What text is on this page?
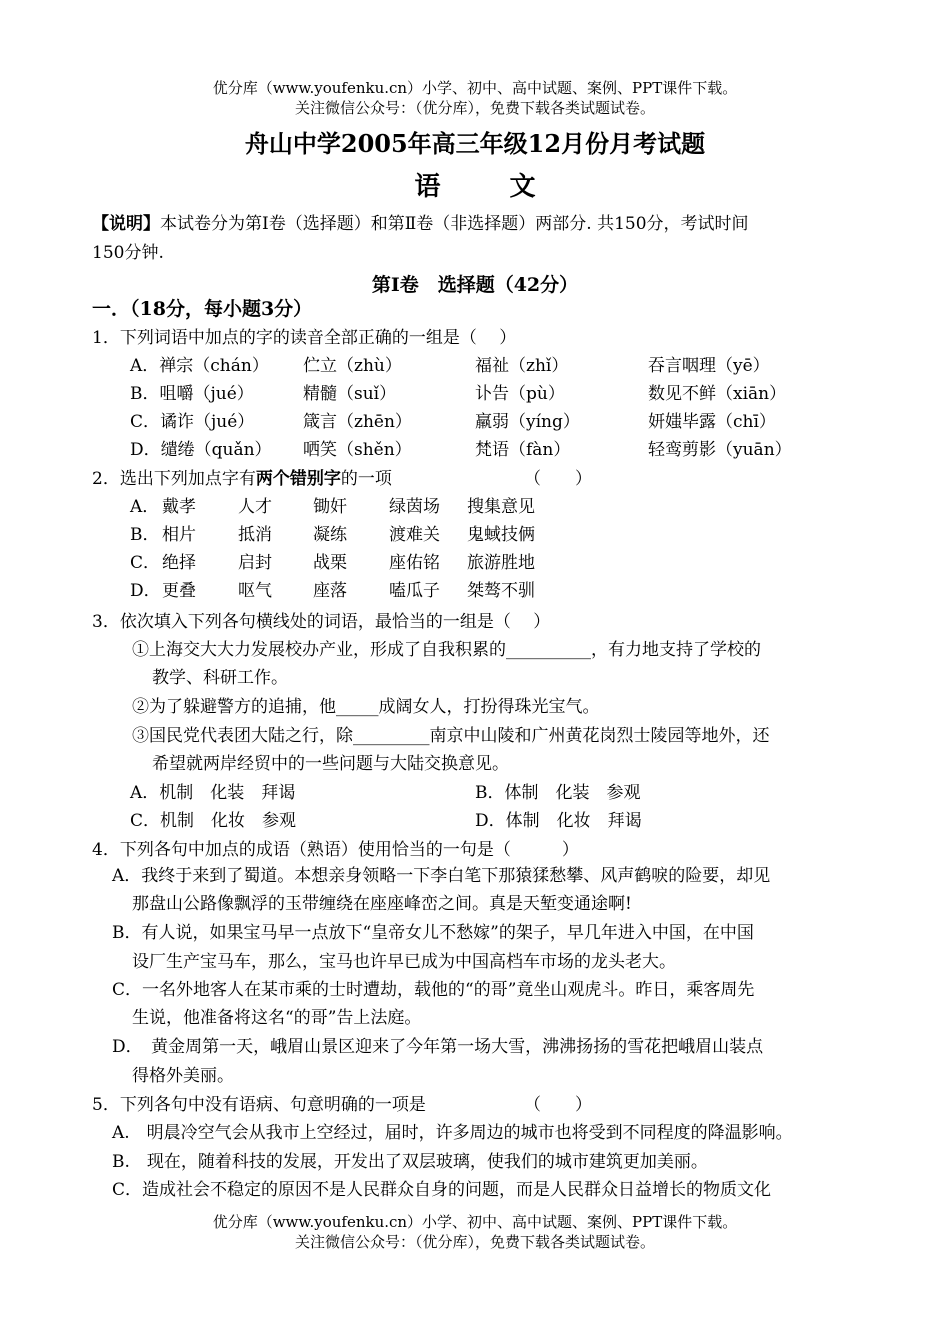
优分库（www.youfenku.cn）小学、初中、高中试题、案例、PPT课件下载。
关注微信公众号：（优分库），免费下载各类试题试卷。
舟山中学2005年高三年级12月份月考试题
语 文
【说明】本试卷分为第Ⅰ卷（选择题）和第Ⅱ卷（非选择题）两部分. 共150分，考试时间
150分钟.
第Ⅰ卷　选择题（42分）
一．（18分，每小题3分）
1．下列词语中加点的字的读音全部正确的一组是（　 ）
A．禅宗（chán） 伫立（zhù）	福祉（zhǐ）	吞言咽理（yē）
B．咀嚼（jué）	精髓（suǐ）	讣告（pù）	数见不鲜（xiān）
C．谲诈（jué）	箴言（zhēn）	羸弱（yíng）	妍媸毕露（chī）
D．缱绻（quǎn） 哂笑（shěn）	梵语（fàn）	轻鸾剪影（yuān）
2．选出下列加点字有两个错别字的一项	（　　）
A． 戴孝 人才 锄奸 绿茵场 搜集意见
B． 相片 抵消 凝练 渡难关 鬼蜮技俩
C． 绝择 启封 战栗 座佑铭 旅游胜地
D． 更叠 呕气 座落 嗑瓜子 桀骜不驯
3．依次填入下列各句横线处的词语，最恰当的一组是（　 ）
①上海交大大力发展校办产业，形成了自我积累的__________，有力地支持了学校的
教学、科研工作。
②为了躲避警方的追捕，他_____成阔女人，打扮得珠光宝气。
③国民党代表团大陆之行，除_________南京中山陵和广州黄花岗烈士陵园等地外，还
希望就两岸经贸中的一些问题与大陆交换意见。
A．机制　化装　拜谒	B．体制　化装　参观
C．机制　化妆　参观	D．体制　化妆　拜谒
4．下列各句中加点的成语（熟语）使用恰当的一句是（　　　）
A．我终于来到了蜀道。本想亲身领略一下李白笔下那猿猱愁攀、风声鹤唳的险要，却见
那盘山公路像飘浮的玉带缠绕在座座峰峦之间。真是天堑变通途啊!
B．有人说，如果宝马早一点放下“皇帝女儿不愁嫁”的架子，早几年进入中国，在中国
设厂生产宝马车，那么，宝马也许早已成为中国高档车市场的龙头老大。
C．一名外地客人在某市乘的士时遭劫，载他的“的哥”竟坐山观虎斗。昨日，乘客周先
生说，他准备将这名“的哥”告上法庭。
D．　黄金周第一天，峨眉山景区迎来了今年第一场大雪，沸沸扬扬的雪花把峨眉山装点
得格外美丽。
5．下列各句中没有语病、句意明确的一项是	（　　）
A.　明晨冷空气会从我市上空经过，届时，许多周边的城市也将受到不同程度的降温影响。
B.　现在，随着科技的发展，开发出了双层玻璃，使我们的城市建筑更加美丽。
C．造成社会不稳定的原因不是人民群众自身的问题，而是人民群众日益增长的物质文化
优分库（www.youfenku.cn）小学、初中、高中试题、案例、PPT课件下载。
关注微信公众号：（优分库），免费下载各类试题试卷。
